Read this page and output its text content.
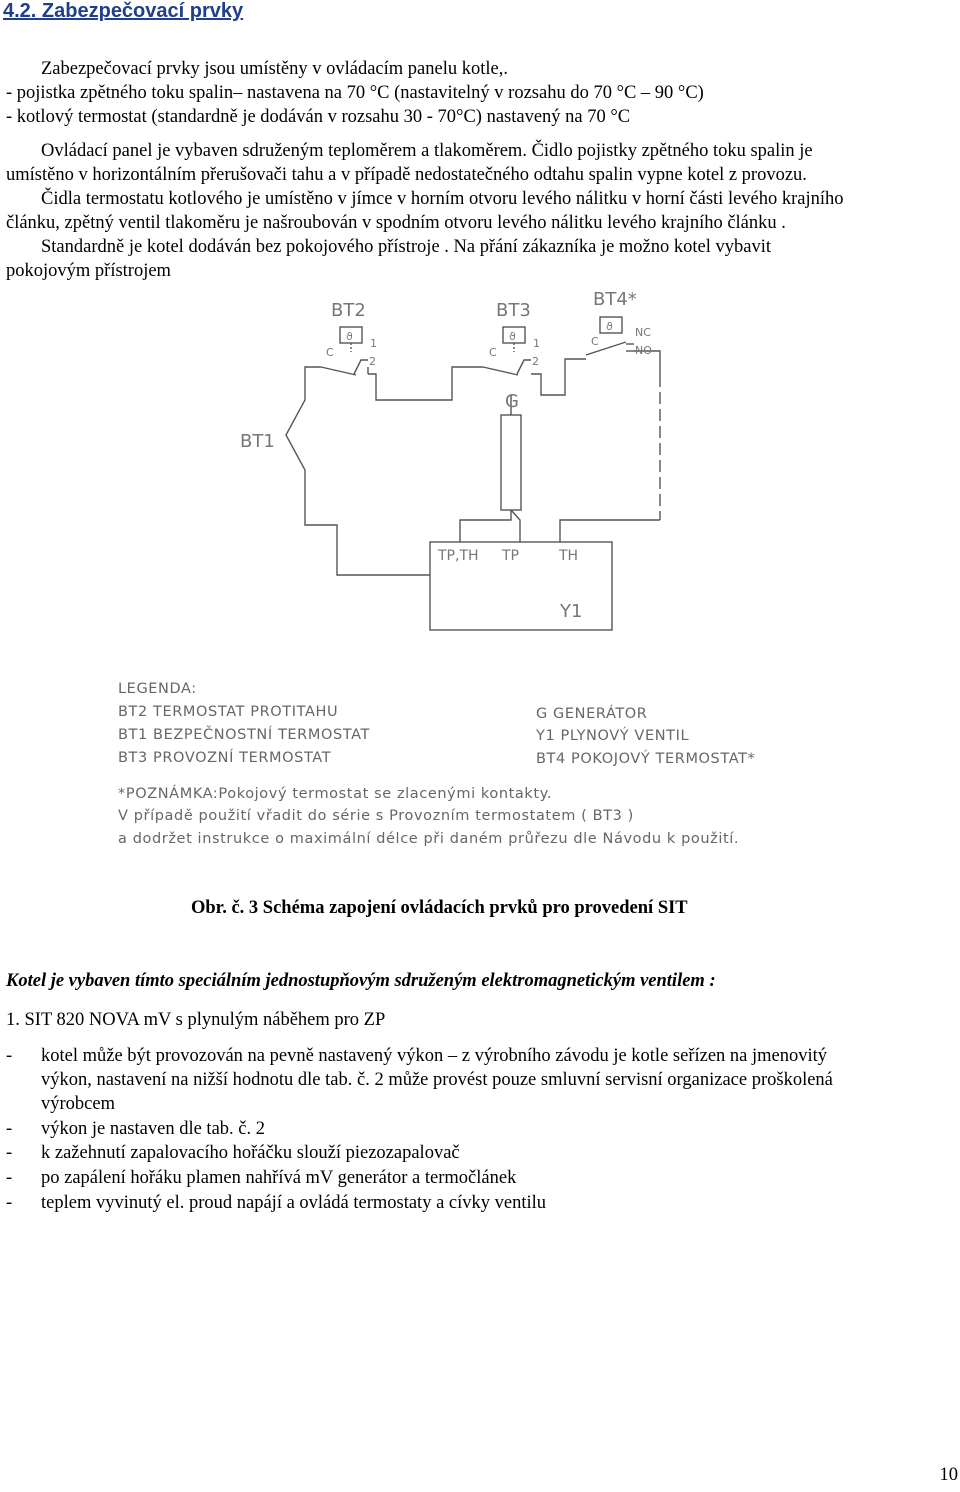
4.2. Zabezpečovací prvky
Zabezpečovací prvky jsou umístěny v ovládacím panelu kotle,.
- pojistka zpětného toku spalin– nastavena na 70 °C (nastavitelný v rozsahu do 70 °C – 90 °C)
- kotlový termostat (standardně je dodáván v rozsahu 30 - 70°C) nastavený na 70 °C
Ovládací panel je vybaven sdruženým teploměrem a tlakoměrem. Čidlo pojistky zpětného toku spalin je
umístěno v horizontálním přerušovači tahu a v případě nedostatečného odtahu spalin vypne kotel z provozu.
Čidla termostatu kotlového je umístěno v jímce v horním otvoru levého nálitku v horní části levého krajního
článku, zpětný ventil tlakoměru je našroubován v spodním otvoru levého nálitku levého krajního článku .
Standardně je kotel dodáván bez pokojového přístroje . Na přání zákazníka je možno kotel vybavit
pokojovým přístrojem
BT2	BT3
BT4*
BT1
G
Y1
ϑ	ϑ
ϑ
C
1
2
C
1
2
C
NC
NO
TP,TH TP	TH
LEGENDA:
BT2 TERMOSTAT PROTITAHU
BT1 BEZPEČNOSTNÍ TERMOSTAT
BT3 PROVOZNÍ TERMOSTAT
G GENERÁTOR
Y1 PLYNOVÝ VENTIL
BT4 POKOJOVÝ TERMOSTAT*
*POZNÁMKA:Pokojový termostat se zlacenými kontakty.
V případě použití vřadit do série s Provozním termostatem ( BT3 )
a dodržet instrukce o maximální délce při daném průřezu dle Návodu k použití.
Obr. č. 3 Schéma zapojení ovládacích prvků pro provedení SIT
Kotel je vybaven tímto speciálním jednostupňovým sdruženým elektromagnetickým ventilem :
1. SIT 820 NOVA mV s plynulým náběhem pro ZP
- kotel může být provozován na pevně nastavený výkon – z výrobního závodu je kotle seřízen na jmenovitý
výkon, nastavení na nižší hodnotu dle tab. č. 2 může provést pouze smluvní servisní organizace proškolená
výrobcem
- výkon je nastaven dle tab. č. 2
- k zažehnutí zapalovacího hořáčku slouží piezozapalovač
- po zapálení hořáku plamen nahřívá mV generátor a termočlánek
- teplem vyvinutý el. proud napájí a ovládá termostaty a cívky ventilu
10
